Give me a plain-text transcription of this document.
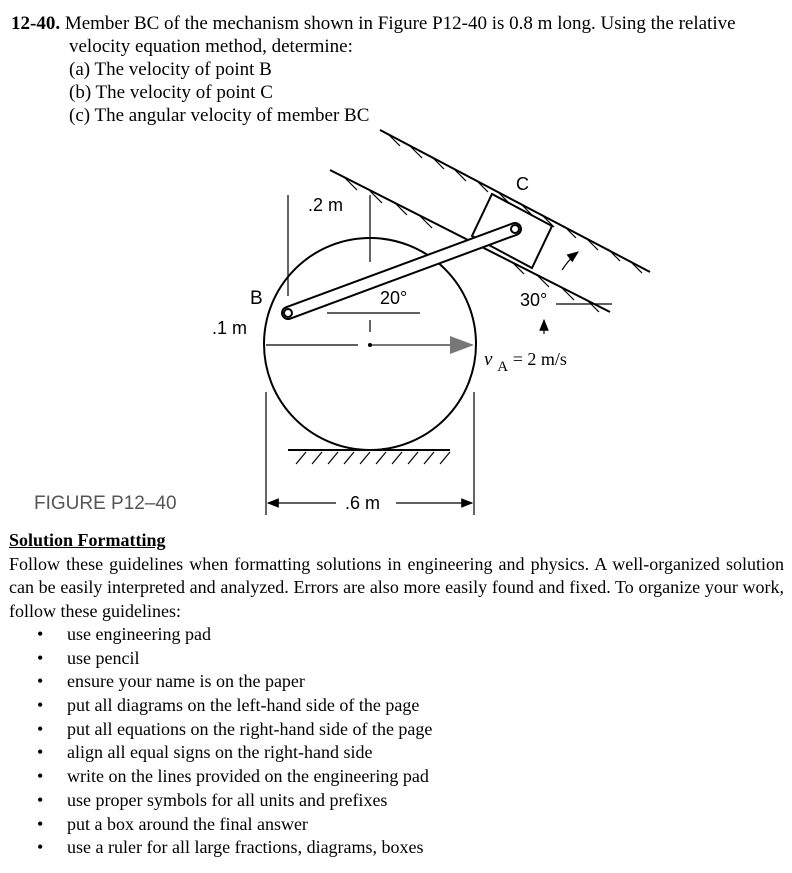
12-40. Member BC of the mechanism shown in Figure P12-40 is 0.8 m long. Using the relative
velocity equation method, determine:
(a) The velocity of point B
(b) The velocity of point C
(c) The angular velocity of member BC
.2 m
B
.1 m
20°
C
30°
v $_A$ = 2 m/s
.6 m
FIGURE P12–40
Solution Formatting

Follow these guidelines when formatting solutions in engineering and physics. A well-organized solution can be easily interpreted and analyzed. Errors are also more easily found and fixed. To organize your work, follow these guidelines:

• use engineering pad
• use pencil
• ensure your name is on the paper
• put all diagrams on the left-hand side of the page
• put all equations on the right-hand side of the page
• align all equal signs on the right-hand side
• write on the lines provided on the engineering pad
• use proper symbols for all units and prefixes
• put a box around the final answer
• use a ruler for all large fractions, diagrams, boxes
